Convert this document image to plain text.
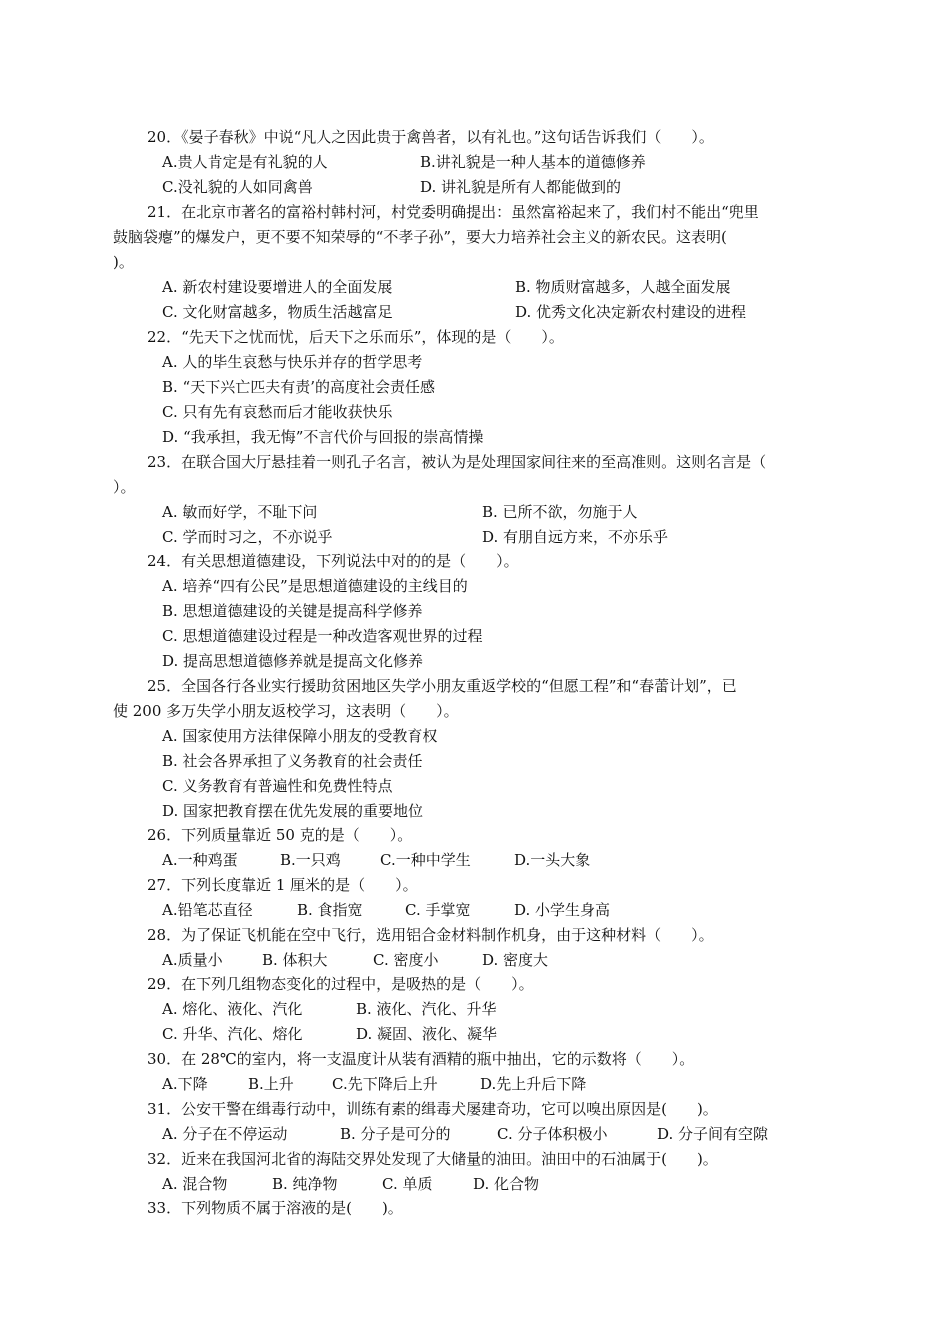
20．《晏子春秋》中说“凡人之因此贵于禽兽者，以有礼也。”这句话告诉我们（　　）。
A.贵人肯定是有礼貌的人	B.讲礼貌是一种人基本的道德修养
C.没礼貌的人如同禽兽	D. 讲礼貌是所有人都能做到的
21．在北京市著名的富裕村韩村河，村党委明确提出：虽然富裕起来了，我们村不能出“兜里
鼓脑袋瘪”的爆发户，更不要不知荣辱的“不孝子孙”，要大力培养社会主义的新农民。这表明(
)。
A. 新农村建设要增进人的全面发展	B. 物质财富越多，人越全面发展
C. 文化财富越多，物质生活越富足	D. 优秀文化决定新农村建设的进程
22．“先天下之忧而忧，后天下之乐而乐”，体现的是（　　）。
A. 人的毕生哀愁与快乐并存的哲学思考
B. “天下兴亡匹夫有责’的高度社会责任感
C. 只有先有哀愁而后才能收获快乐
D. “我承担，我无悔”不言代价与回报的崇高情操
23．在联合国大厅悬挂着一则孔子名言，被认为是处理国家间往来的至高准则。这则名言是（
）。
A. 敏而好学，不耻下问	B. 已所不欲，勿施于人
C. 学而时习之，不亦说乎	D. 有朋自远方来，不亦乐乎
24．有关思想道德建设，下列说法中对的的是（　　）。
A. 培养“四有公民”是思想道德建设的主线目的
B. 思想道德建设的关键是提高科学修养
C. 思想道德建设过程是一种改造客观世界的过程
D. 提高思想道德修养就是提高文化修养
25．全国各行各业实行援助贫困地区失学小朋友重返学校的“但愿工程”和“春蕾计划”，已
使 200 多万失学小朋友返校学习，这表明（　　）。
A. 国家使用方法律保障小朋友的受教育权
B. 社会各界承担了义务教育的社会责任
C. 义务教育有普遍性和免费性特点
D. 国家把教育摆在优先发展的重要地位
26．下列质量靠近 50 克的是（　　）。
A.一种鸡蛋	B.一只鸡	C.一种中学生	D.一头大象
27．下列长度靠近 1 厘米的是（　　）。
A.铅笔芯直径	B. 食指宽	C. 手掌宽	D. 小学生身高
28．为了保证飞机能在空中飞行，选用铝合金材料制作机身，由于这种材料（　　）。
A.质量小	B. 体积大	C. 密度小	D. 密度大
29．在下列几组物态变化的过程中，是吸热的是（　　）。
A. 熔化、液化、汽化	B. 液化、汽化、升华
C. 升华、汽化、熔化	D. 凝固、液化、凝华
30．在 28℃的室内，将一支温度计从装有酒精的瓶中抽出，它的示数将（　　）。
A.下降	B.上升	C.先下降后上升	D.先上升后下降
31．公安干警在缉毒行动中，训练有素的缉毒犬屡建奇功，它可以嗅出原因是(　　)。
A. 分子在不停运动	B. 分子是可分的	C. 分子体积极小	D. 分子间有空隙
32．近来在我国河北省的海陆交界处发现了大储量的油田。油田中的石油属于(　　)。
A. 混合物	B. 纯净物	C. 单质	D. 化合物
33．下列物质不属于溶液的是(　　)。
